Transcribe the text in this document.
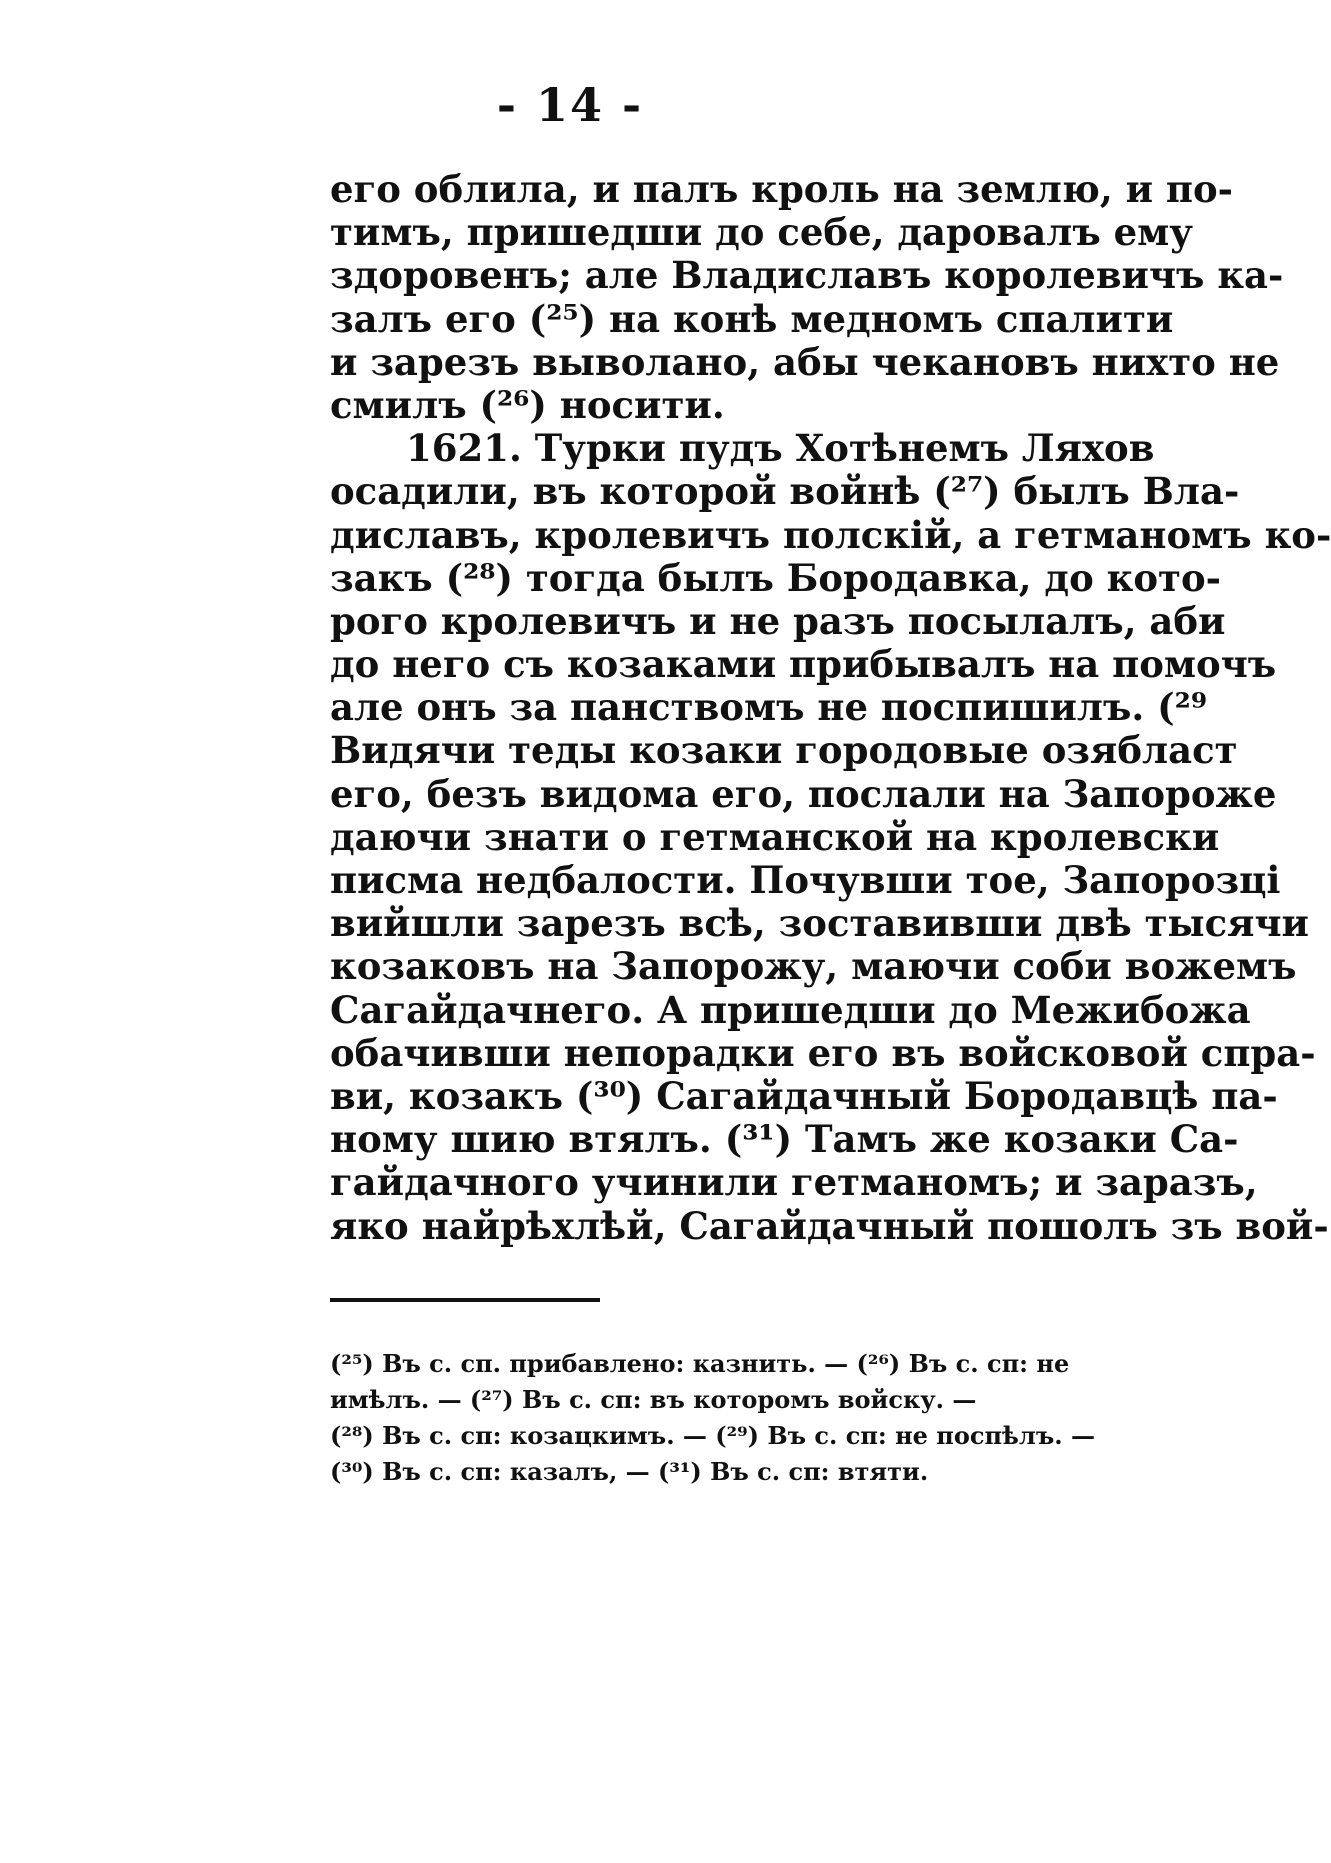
- 14 -
его облила, и палъ кроль на землю, и по-
тимъ, пришедши до себе, даровалъ ему
здоровенъ; але Владиславъ королевичъ ка-
залъ его (²⁵) на конѣ медномъ спалити
и зарезъ выволано, абы чекановъ нихто не
смилъ (²⁶) носити.
1621. Турки пудъ Хотѣнемъ Ляхов
осадили, въ которой войнѣ (²⁷) былъ Вла-
диславъ, кролевичъ полскій, а гетманомъ ко-
закъ (²⁸) тогда былъ Бородавка, до кото-
рого кролевичъ и не разъ посылалъ, аби
до него съ козаками прибывалъ на помочъ
але онъ за панствомъ не поспишилъ. (²⁹
Видячи теды козаки городовые озябласт
его, безъ видома его, послали на Запороже
даючи знати о гетманской на кролевски
писма недбалости. Почувши тое, Запорозці
вийшли зарезъ всѣ, зоставивши двѣ тысячи
козаковъ на Запорожу, маючи соби вожемъ
Сагайдачнего. А пришедши до Межибожа
обачивши непорадки его въ войсковой спра-
ви, козакъ (³⁰) Сагайдачный Бородавцѣ па-
ному шию втялъ. (³¹) Тамъ же козаки Са-
гайдачного учинили гетманомъ; и заразъ,
яко найрѣхлѣй, Сагайдачный пошолъ зъ вой-
(²⁵) Въ с. сп. прибавлено: казнить. — (²⁶) Въ с. сп: не
имѣлъ. — (²⁷) Въ с. сп: въ которомъ войску. —
(²⁸) Въ с. сп: козацкимъ. — (²⁹) Въ с. сп: не поспѣлъ. —
(³⁰) Въ с. сп: казалъ, — (³¹) Въ с. сп: втяти.
